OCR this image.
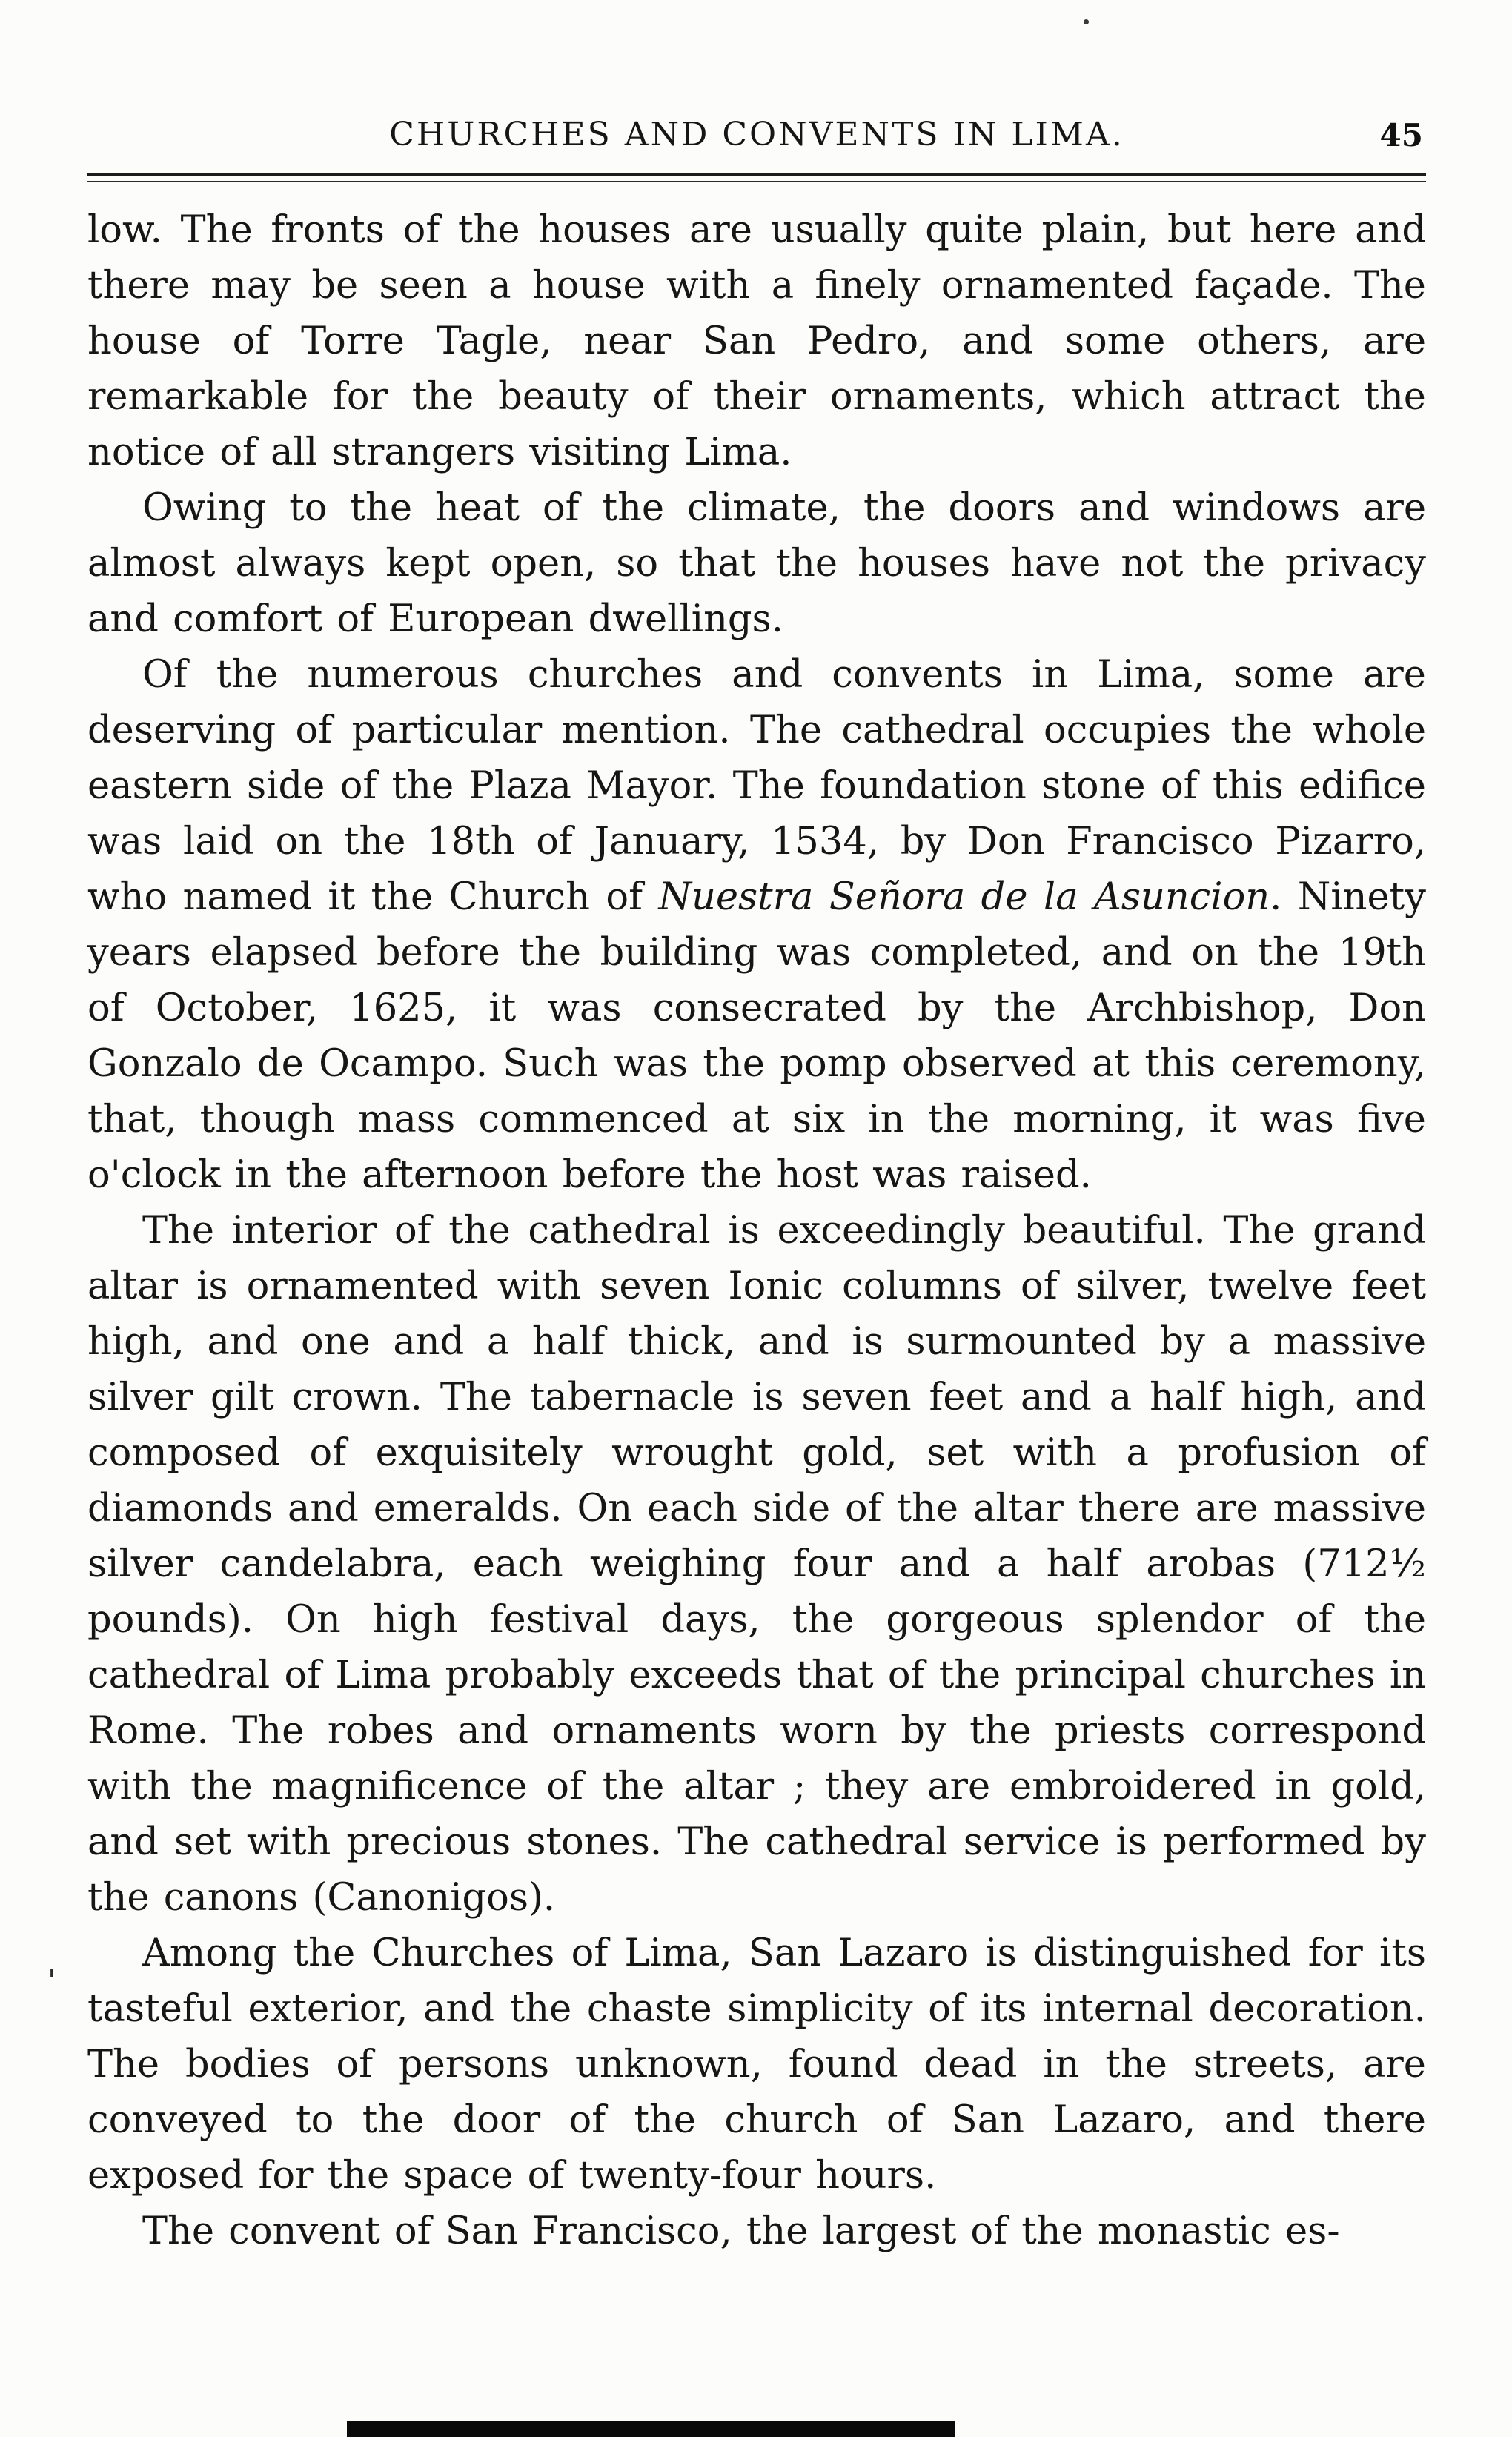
CHURCHES AND CONVENTS IN LIMA.	45

low. The fronts of the houses are usually quite plain, but here and there may be seen a house with a finely ornamented façade. The house of Torre Tagle, near San Pedro, and some others, are remarkable for the beauty of their ornaments, which attract the notice of all strangers visiting Lima.

Owing to the heat of the climate, the doors and windows are almost always kept open, so that the houses have not the privacy and comfort of European dwellings.

Of the numerous churches and convents in Lima, some are deserving of particular mention. The cathedral occupies the whole eastern side of the Plaza Mayor. The foundation stone of this edifice was laid on the 18th of January, 1534, by Don Francisco Pizarro, who named it the Church of Nuestra Señora de la Asuncion. Ninety years elapsed before the building was completed, and on the 19th of October, 1625, it was consecrated by the Archbishop, Don Gonzalo de Ocampo. Such was the pomp observed at this ceremony, that, though mass commenced at six in the morning, it was five o'clock in the afternoon before the host was raised.

The interior of the cathedral is exceedingly beautiful. The grand altar is ornamented with seven Ionic columns of silver, twelve feet high, and one and a half thick, and is surmounted by a massive silver gilt crown. The tabernacle is seven feet and a half high, and composed of exquisitely wrought gold, set with a profusion of diamonds and emeralds. On each side of the altar there are massive silver candelabra, each weighing four and a half arobas (712½ pounds). On high festival days, the gorgeous splendor of the cathedral of Lima probably exceeds that of the principal churches in Rome. The robes and ornaments worn by the priests correspond with the magnificence of the altar ; they are embroidered in gold, and set with precious stones. The cathedral service is performed by the canons (Canonigos).

Among the Churches of Lima, San Lazaro is distinguished for its tasteful exterior, and the chaste simplicity of its internal decoration. The bodies of persons unknown, found dead in the streets, are conveyed to the door of the church of San Lazaro, and there exposed for the space of twenty-four hours.

The convent of San Francisco, the largest of the monastic es-

'
